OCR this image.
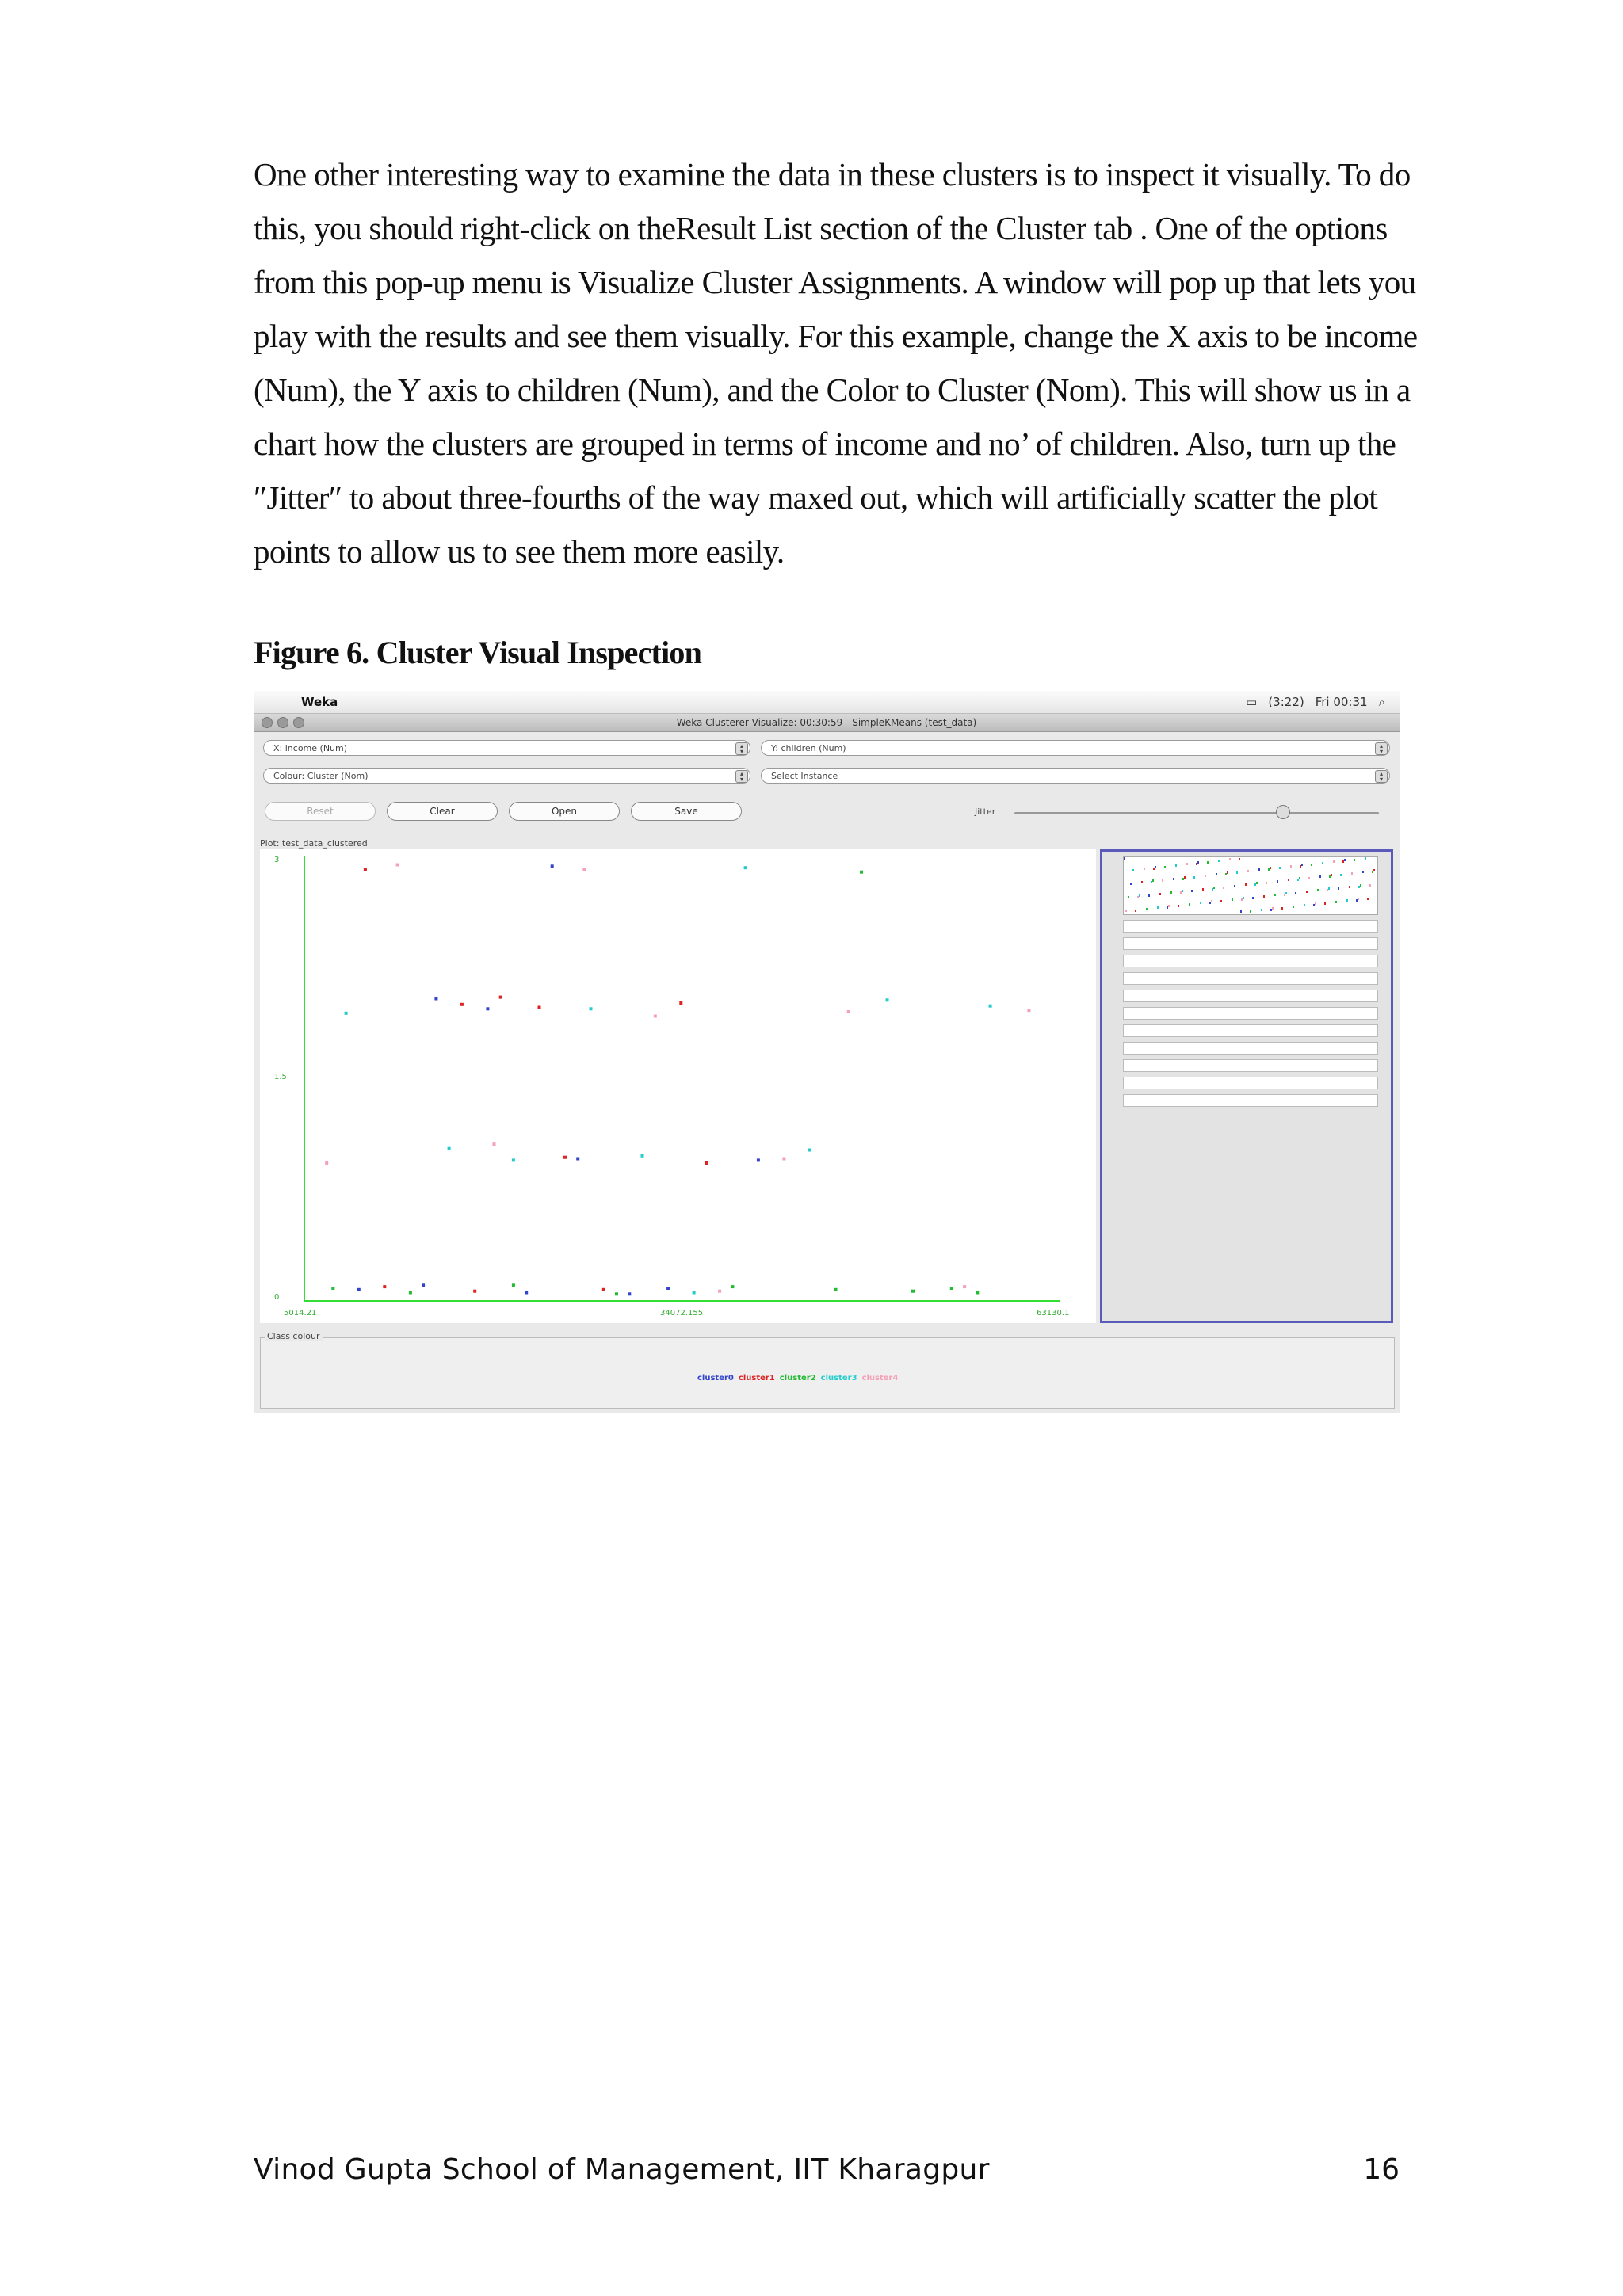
One other interesting way to examine the data in these clusters is to inspect it visually. To do

this, you should right-click on theResult List section of the Cluster tab . One of the options

from this pop-up menu is Visualize Cluster Assignments. A window will pop up that lets you

play with the results and see them visually. For this example, change the X axis to be income

(Num), the Y axis to children (Num), and the Color to Cluster (Nom). This will show us in a

chart how the clusters are grouped in terms of income and no’ of children. Also, turn up the

″Jitter″ to about three-fourths of the way maxed out, which will artificially scatter the plot

points to allow us to see them more easily.

Figure 6. Cluster Visual Inspection
Weka	▭ (3:22) Fri 00:31 ⌕
Weka Clusterer Visualize: 00:30:59 - SimpleKMeans (test_data)
X: income (Num)	▴
▾	Y: children (Num)	▴
▾
Colour: Cluster (Nom)	▴
▾	Select Instance	▴
▾
Reset	Clear	Open	Save	Jitter
Plot: test_data_clustered
3
1.5
0
5014.21	34072.155	63130.1
Class colour
cluster0 cluster1 cluster2 cluster3 cluster4
Vinod Gupta School of Management, IIT Kharagpur	16
